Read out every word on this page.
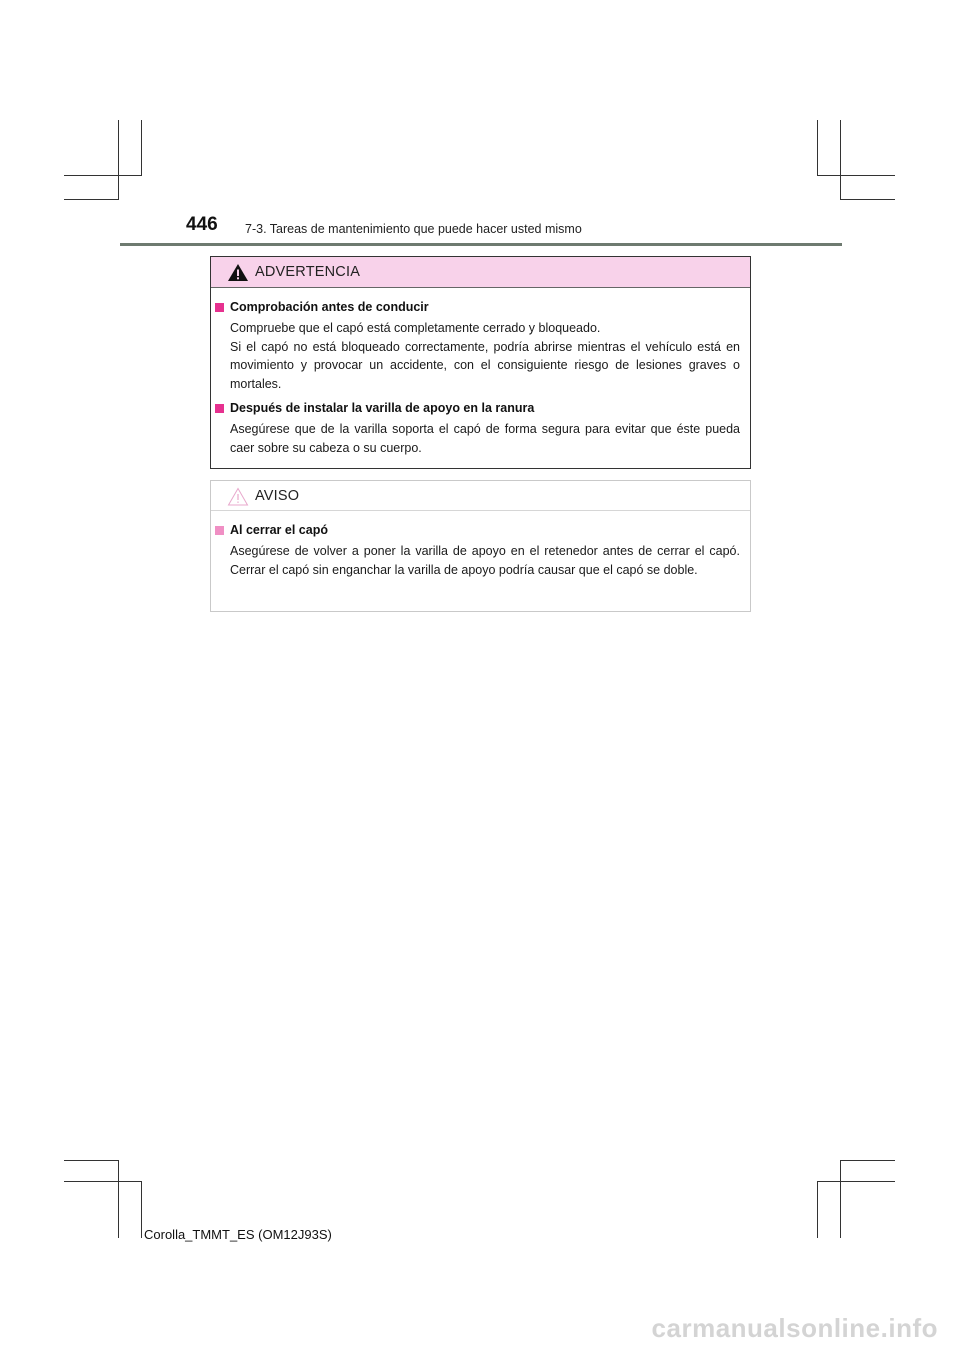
446 7-3. Tareas de mantenimiento que puede hacer usted mismo
ADVERTENCIA
Comprobación antes de conducir
Compruebe que el capó está completamente cerrado y bloqueado.
Si el capó no está bloqueado correctamente, podría abrirse mientras el vehículo está en movimiento y provocar un accidente, con el consiguiente riesgo de lesiones graves o mortales.
Después de instalar la varilla de apoyo en la ranura
Asegúrese que de la varilla soporta el capó de forma segura para evitar que éste pueda caer sobre su cabeza o su cuerpo.
AVISO
Al cerrar el capó
Asegúrese de volver a poner la varilla de apoyo en el retenedor antes de cerrar el capó. Cerrar el capó sin enganchar la varilla de apoyo podría causar que el capó se doble.
Corolla_TMMT_ES (OM12J93S)
carmanualsonline.info
